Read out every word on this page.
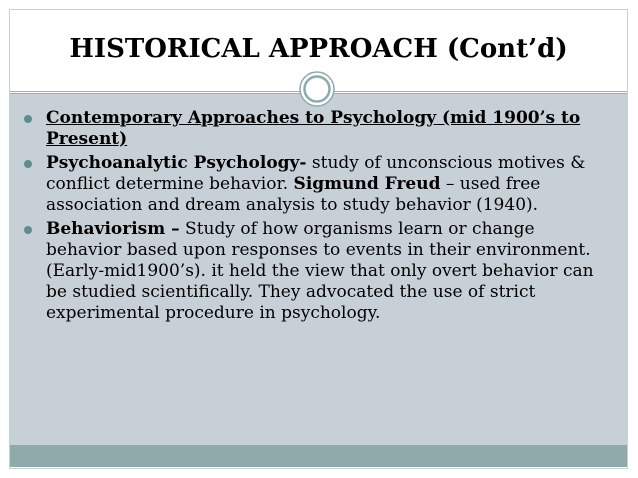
HISTORICAL APPROACH (Cont’d)
Contemporary Approaches to Psychology (mid 1900’s to Present)
Psychoanalytic Psychology- study of unconscious motives & conflict determine behavior. Sigmund Freud – used free association and dream analysis to study behavior (1940).
Behaviorism – Study of how organisms learn or change behavior based upon responses to events in their environment. (Early-mid1900’s). it held the view that only overt behavior can be studied scientifically. They advocated the use of strict experimental procedure in psychology.
